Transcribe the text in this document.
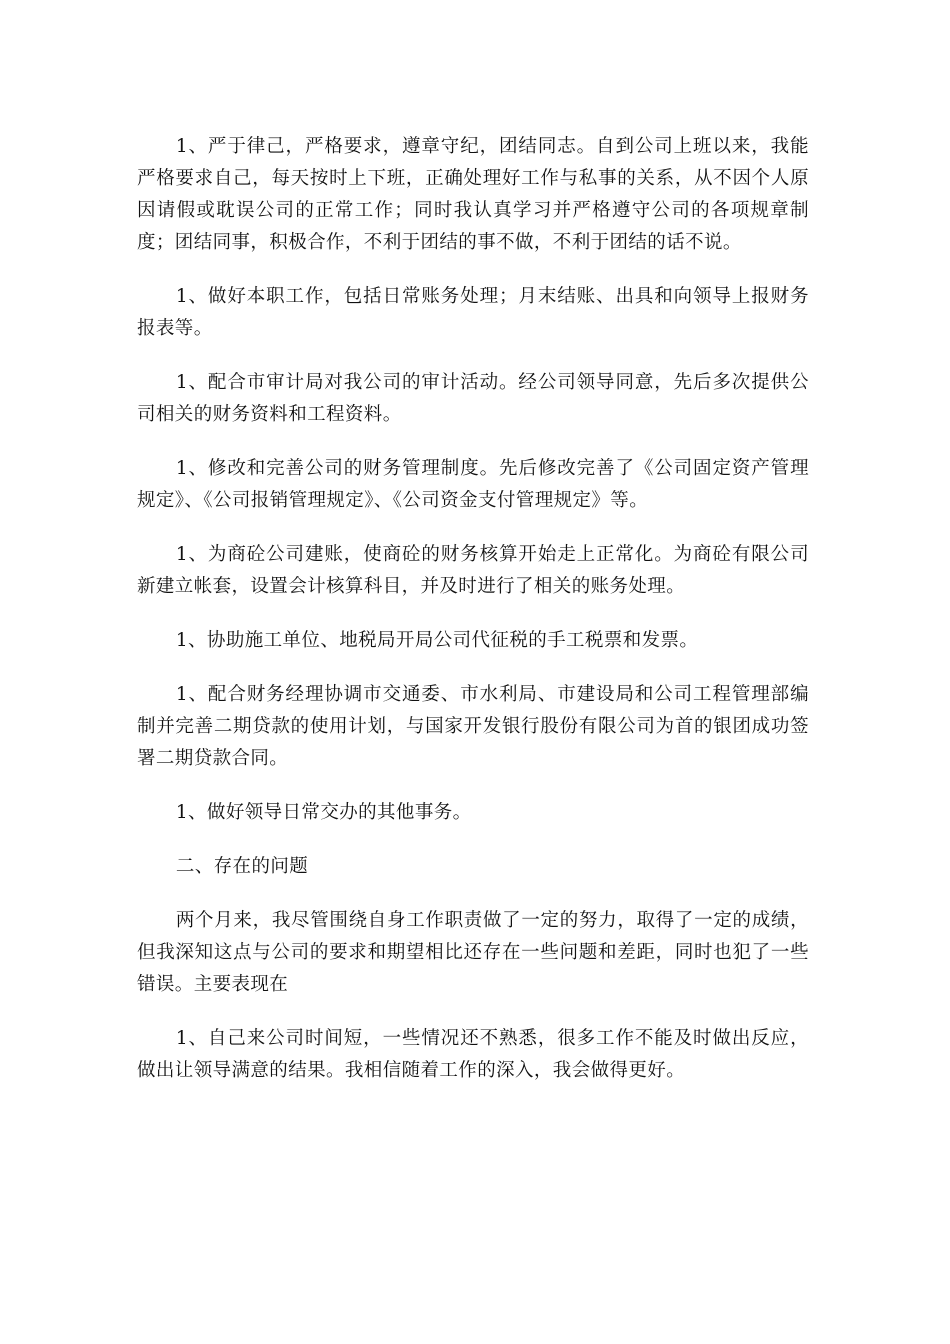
1、严于律己，严格要求，遵章守纪，团结同志。自到公司上班以来，我能严格要求自己，每天按时上下班，正确处理好工作与私事的关系，从不因个人原因请假或耽误公司的正常工作；同时我认真学习并严格遵守公司的各项规章制度；团结同事，积极合作，不利于团结的事不做，不利于团结的话不说。

1、做好本职工作，包括日常账务处理；月末结账、出具和向领导上报财务报表等。

1、配合市审计局对我公司的审计活动。经公司领导同意，先后多次提供公司相关的财务资料和工程资料。

1、修改和完善公司的财务管理制度。先后修改完善了《公司固定资产管理规定》、《公司报销管理规定》、《公司资金支付管理规定》等。

1、为商砼公司建账，使商砼的财务核算开始走上正常化。为商砼有限公司新建立帐套，设置会计核算科目，并及时进行了相关的账务处理。

1、协助施工单位、地税局开局公司代征税的手工税票和发票。

1、配合财务经理协调市交通委、市水利局、市建设局和公司工程管理部编制并完善二期贷款的使用计划，与国家开发银行股份有限公司为首的银团成功签署二期贷款合同。

1、做好领导日常交办的其他事务。

二、存在的问题

两个月来，我尽管围绕自身工作职责做了一定的努力，取得了一定的成绩，但我深知这点与公司的要求和期望相比还存在一些问题和差距，同时也犯了一些错误。主要表现在

1、自己来公司时间短，一些情况还不熟悉，很多工作不能及时做出反应，做出让领导满意的结果。我相信随着工作的深入，我会做得更好。
